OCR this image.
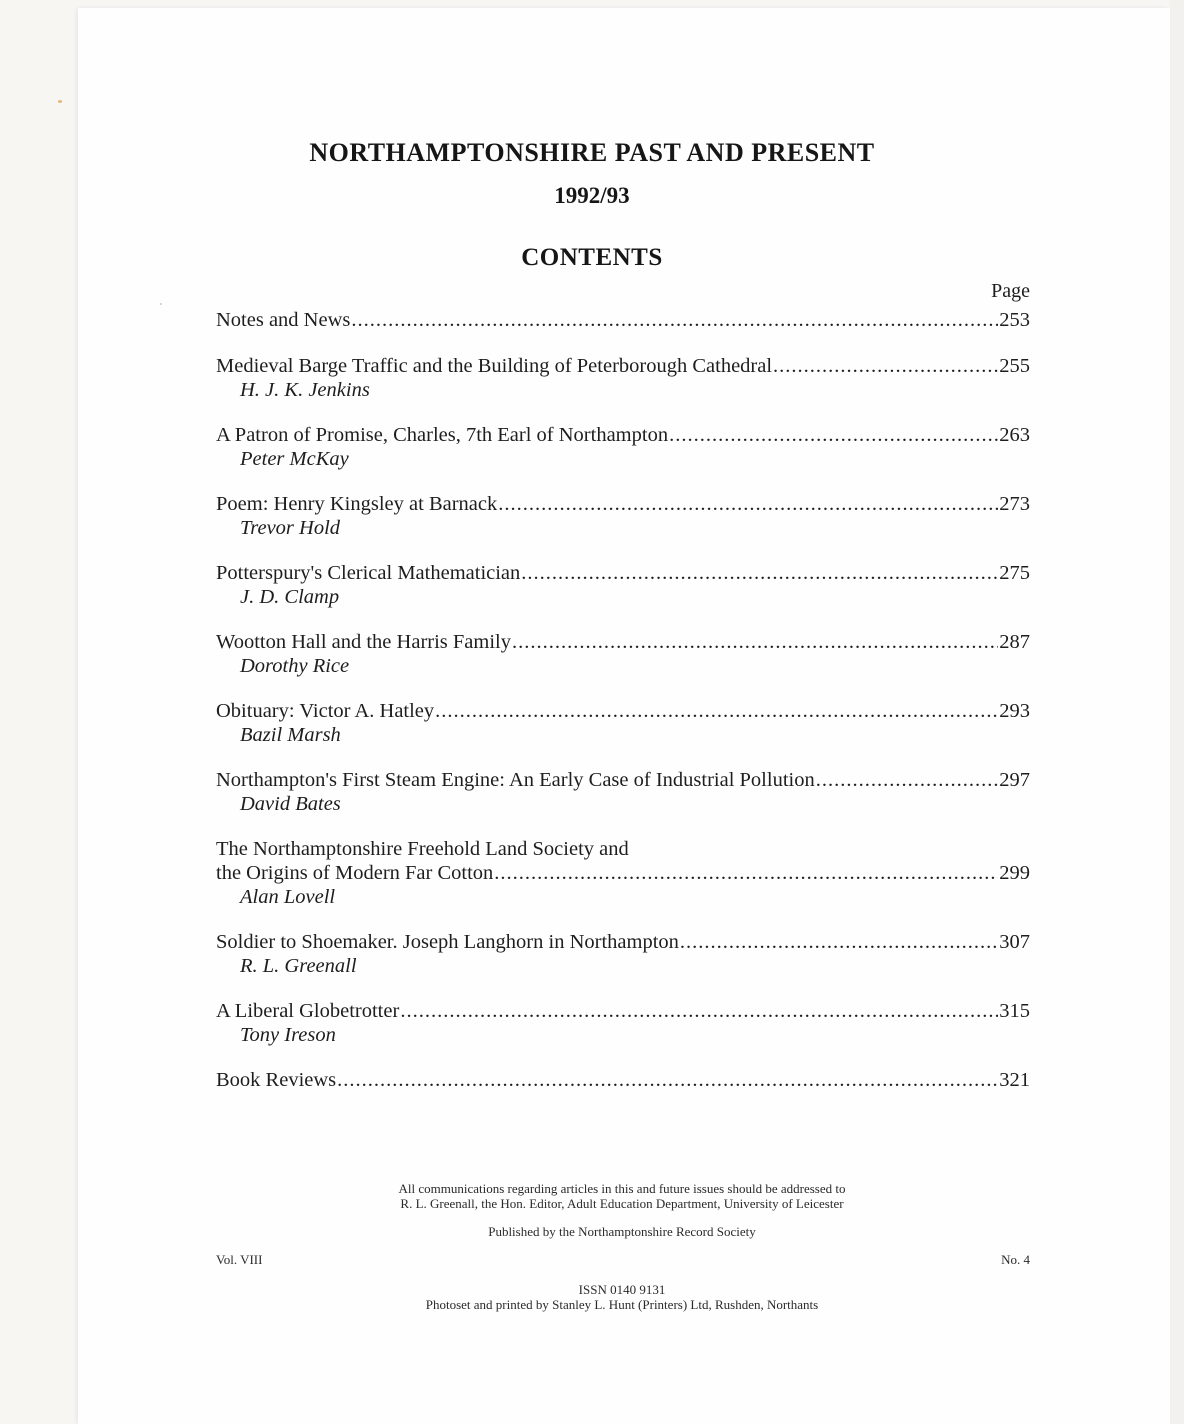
NORTHAMPTONSHIRE PAST AND PRESENT
1992/93
CONTENTS
Page
Notes and News .....	253
Medieval Barge Traffic and the Building of Peterborough Cathedral .....	255
H. J. K. Jenkins
A Patron of Promise, Charles, 7th Earl of Northampton .....	263
Peter McKay
Poem: Henry Kingsley at Barnack .....	273
Trevor Hold
Potterspury's Clerical Mathematician .....	275
J. D. Clamp
Wootton Hall and the Harris Family .....	287
Dorothy Rice
Obituary: Victor A. Hatley .....	293
Bazil Marsh
Northampton's First Steam Engine: An Early Case of Industrial Pollution .....	297
David Bates
The Northamptonshire Freehold Land Society and
the Origins of Modern Far Cotton .....	299
Alan Lovell
Soldier to Shoemaker. Joseph Langhorn in Northampton .....	307
R. L. Greenall
A Liberal Globetrotter .....	315
Tony Ireson
Book Reviews .....	321
All communications regarding articles in this and future issues should be addressed to
R. L. Greenall, the Hon. Editor, Adult Education Department, University of Leicester
Published by the Northamptonshire Record Society
Vol. VIII	No. 4
ISSN 0140 9131
Photoset and printed by Stanley L. Hunt (Printers) Ltd, Rushden, Northants
